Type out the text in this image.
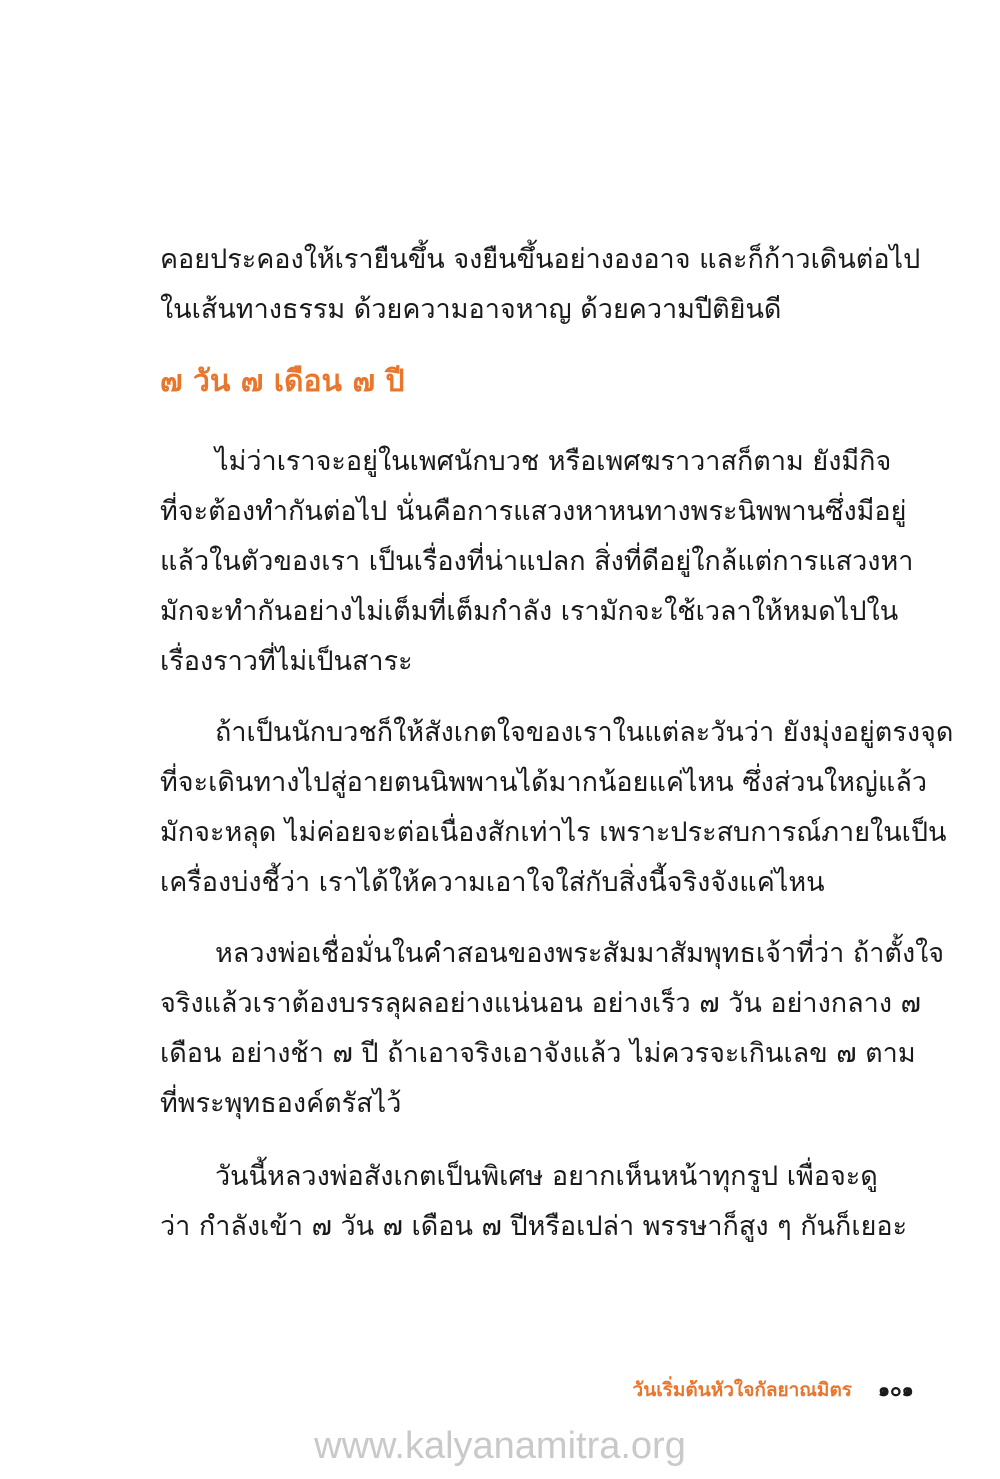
คอยประคองให้เรายืนขึ้น จงยืนขึ้นอย่างองอาจ และก็ก้าวเดินต่อไป
ในเส้นทางธรรม ด้วยความอาจหาญ ด้วยความปีติยินดี
๗ วัน ๗ เดือน ๗ ปี
ไม่ว่าเราจะอยู่ในเพศนักบวช หรือเพศฆราวาสก็ตาม ยังมีกิจ
ที่จะต้องทำกันต่อไป นั่นคือการแสวงหาหนทางพระนิพพานซึ่งมีอยู่
แล้วในตัวของเรา เป็นเรื่องที่น่าแปลก สิ่งที่ดีอยู่ใกล้แต่การแสวงหา
มักจะทำกันอย่างไม่เต็มที่เต็มกำลัง เรามักจะใช้เวลาให้หมดไปใน
เรื่องราวที่ไม่เป็นสาระ
ถ้าเป็นนักบวชก็ให้สังเกตใจของเราในแต่ละวันว่า ยังมุ่งอยู่ตรงจุด
ที่จะเดินทางไปสู่อายตนนิพพานได้มากน้อยแค่ไหน ซึ่งส่วนใหญ่แล้ว
มักจะหลุด ไม่ค่อยจะต่อเนื่องสักเท่าไร เพราะประสบการณ์ภายในเป็น
เครื่องบ่งชี้ว่า เราได้ให้ความเอาใจใส่กับสิ่งนี้จริงจังแค่ไหน
หลวงพ่อเชื่อมั่นในคำสอนของพระสัมมาสัมพุทธเจ้าที่ว่า ถ้าตั้งใจ
จริงแล้วเราต้องบรรลุผลอย่างแน่นอน อย่างเร็ว ๗ วัน อย่างกลาง ๗
เดือน อย่างช้า ๗ ปี ถ้าเอาจริงเอาจังแล้ว ไม่ควรจะเกินเลข ๗ ตาม
ที่พระพุทธองค์ตรัสไว้
วันนี้หลวงพ่อสังเกตเป็นพิเศษ อยากเห็นหน้าทุกรูป เพื่อจะดู
ว่า กำลังเข้า ๗ วัน ๗ เดือน ๗ ปีหรือเปล่า พรรษาก็สูง ๆ กันก็เยอะ
วันเริ่มต้นหัวใจกัลยาณมิตร ๑๐๑
www.kalyanamitra.org
